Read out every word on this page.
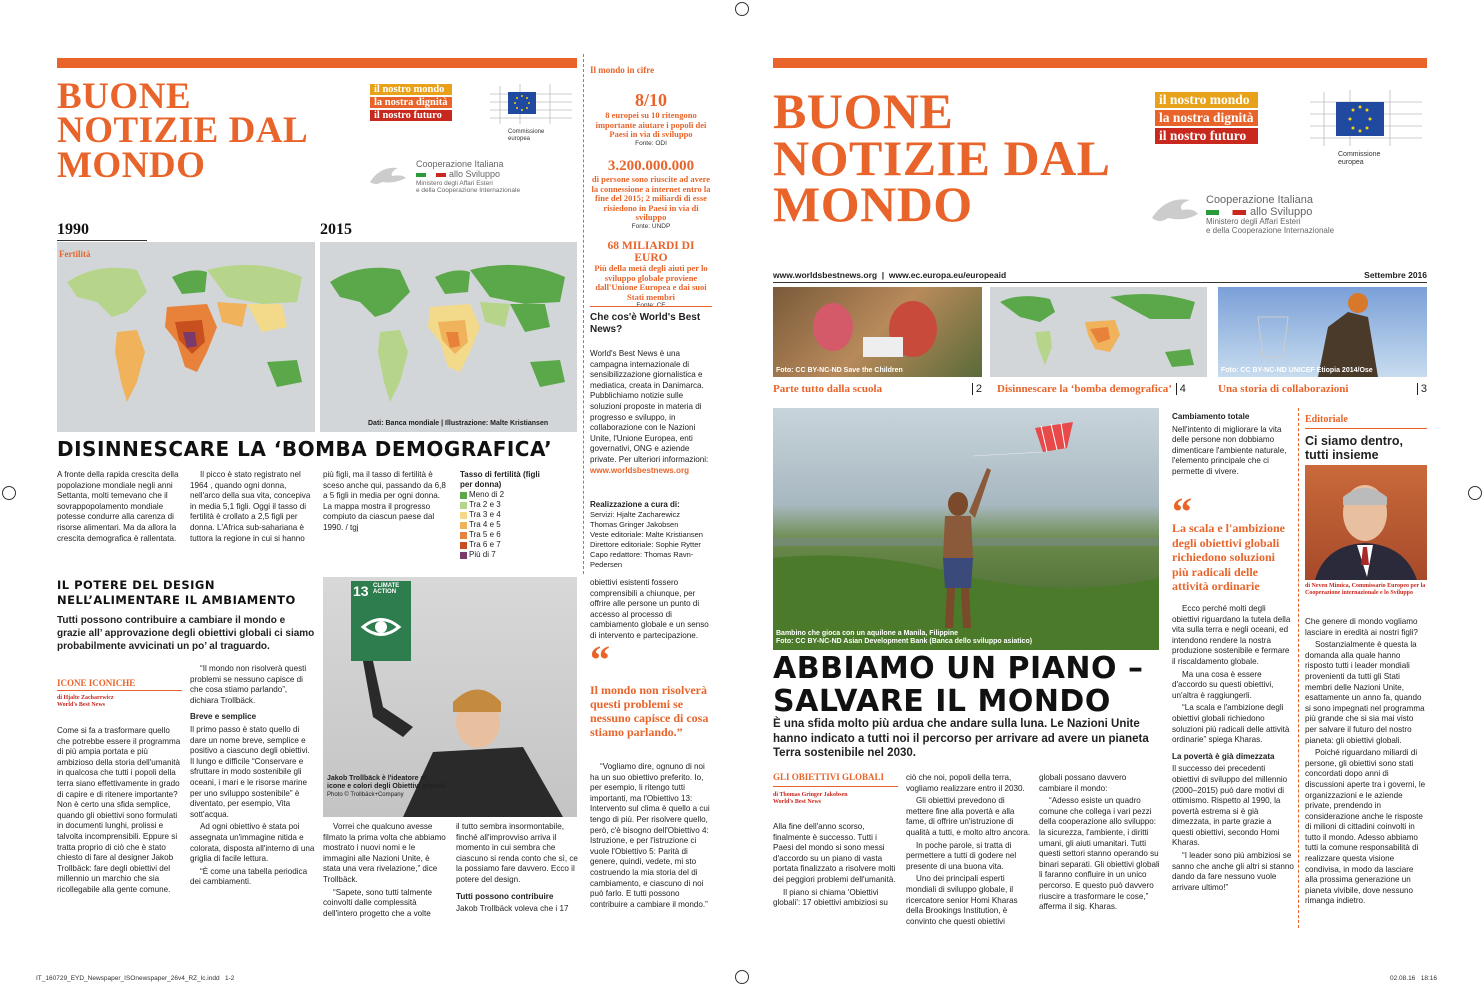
BUONE
NOTIZIE DAL
MONDO
il nostro mondo
la nostra dignità
il nostro futuro
Commissione europea
Cooperazione Italiana
allo Sviluppo
Ministero degli Affari Esteri
e della Cooperazione Internazionale
1990	2015
Fertilità
Dati: Banca mondiale | Illustrazione: Malte Kristiansen
DISINNESCARE LA ‘BOMBA DEMOGRAFICA’
A fronte della rapida crescita della popolazione mondiale negli anni Settanta, molti temevano che il sovrappopolamento mondiale potesse condurre alla carenza di risorse alimentari. Ma da allora la crescita demografica è rallentata.
Il picco è stato registrato nel 1964 , quando ogni donna, nell'arco della sua vita, concepiva in media 5,1 figli. Oggi il tasso di fertilità è crollato a 2,5 figli per donna. L'Africa sub-sahariana è tuttora la regione in cui si hanno
più figli, ma il tasso di fertilità è sceso anche qui, passando da 6,8 a 5 figli in media per ogni donna. La mappa mostra il progresso compiuto da ciascun paese dal 1990. / tgj
Tasso di fertilità (figli per donna)
Meno di 2
Tra 2 e 3
Tra 3 e 4
Tra 4 e 5
Tra 5 e 6
Tra 6 e 7
Più di 7
IL POTERE DEL DESIGN NELL’ALIMENTARE IL AMBIAMENTO
Tutti possono contribuire a cambiare il mondo e grazie all’ approvazione degli obiettivi globali ci siamo probabilmente avvicinati un po’ al traguardo.
ICONE ICONICHE
di Hjalte Zacharewicz
World's Best News
Come si fa a trasformare quello che potrebbe essere il programma di più ampia portata e più ambizioso della storia dell'umanità in qualcosa che tutti i popoli della terra siano effettivamente in grado di capire e di ritenere importante? Non è certo una sfida semplice, quando gli obiettivi sono formulati in documenti lunghi, prolissi e talvolta incomprensibili. Eppure si tratta proprio di ciò che è stato chiesto di fare al designer Jakob Trollbäck: fare degli obiettivi del millennio un marchio che sia ricollegabile alla gente comune.

“Il mondo non risolverà questi problemi se nessuno capisce di che cosa stiamo parlando”, dichiara Trollbäck.

Breve e semplice

Il primo passo è stato quello di dare un nome breve, semplice e positivo a ciascuno degli obiettivi. Il lungo e difficile “Conservare e sfruttare in modo sostenibile gli oceani, i mari e le risorse marine per uno sviluppo sostenibile” è diventato, per esempio, Vita sott'acqua.

Ad ogni obiettivo è stata poi assegnata un'immagine nitida e colorata, disposta all'interno di una griglia di facile lettura.

“È come una tabella periodica dei cambiamenti.

13 CLIMATE ACTION
Jakob Trollbäck è l'ideatore di icone e colori degli Obiettivi globali
Photo © Trollbäck+Company

Vorrei che qualcuno avesse filmato la prima volta che abbiamo mostrato i nuovi nomi e le immagini alle Nazioni Unite, è stata una vera rivelazione,” dice Trollbäck.

“Sapete, sono tutti talmente coinvolti dalle complessità dell'intero progetto che a volte

il tutto sembra insormontabile, finché all'improvviso arriva il momento in cui sembra che ciascuno si renda conto che sì, ce la possiamo fare davvero. Ecco il potere del design.

Tutti possono contribuire

Jakob Trollbäck voleva che i 17

obiettivi esistenti fossero comprensibili a chiunque, per offrire alle persone un punto di accesso al processo di cambiamento globale e un senso di intervento e partecipazione.

“
Il mondo non risolverà questi problemi se nessuno capisce di cosa stiamo parlando.”
“Vogliamo dire, ognuno di noi ha un suo obiettivo preferito. Io, per esempio, li ritengo tutti importanti, ma l'Obiettivo 13: Intervento sul clima è quello a cui tengo di più. Per risolvere quello, però, c'è bisogno dell'Obiettivo 4: Istruzione, e per l'istruzione ci vuole l'Obiettivo 5: Parità di genere, quindi, vedete, mi sto costruendo la mia storia del di cambiamento, e ciascuno di noi può farlo. E tutti possono contribuire a cambiare il mondo.”
Il mondo in cifre
8/10
8 europei su 10 ritengono importante aiutare i popoli dei Paesi in via di sviluppo
Fonte: ODI
3.200.000.000
di persone sono riuscite ad avere la connessione a internet entro la fine del 2015; 2 miliardi di esse risiedono in Paesi in via di sviluppo
Fonte: UNDP
68 MILIARDI DI EURO
Più della metà degli aiuti per lo sviluppo globale proviene dall'Unione Europea e dai suoi Stati membri
Che cos'è World's Best News?
World's Best News è una campagna internazionale di sensibilizzazione giornalistica e mediatica, creata in Danimarca. Pubblichiamo notizie sulle soluzioni proposte in materia di progresso e sviluppo, in collaborazione con le Nazioni Unite, l'Unione Europea, enti governativi, ONG e aziende private. Per ulteriori informazioni:
www.worldsbestnews.org
Realizzazione a cura di:
Servizi: Hjalte Zacharewicz
Thomas Gringer Jakobsen
Veste editoriale: Malte Kristiansen
Direttore editoriale: Sophie Rytter
Capo redattore: Thomas Ravn-Pedersen
BUONE
NOTIZIE DAL
MONDO
il nostro mondo
la nostra dignità
il nostro futuro
Commissione europea
Cooperazione Italiana
allo Sviluppo
Ministero degli Affari Esteri
e della Cooperazione Internazionale
www.worldsbestnews.org  |  www.ec.europa.eu/europeaid	Settembre 2016
Foto: CC BY-NC-ND Save the Children	Foto: CC BY-NC-ND UNICEF Etiopia 2014/Ose
Parte tutto dalla scuola	2 Disinnescare la ‘bomba demografica’ 4	Una storia di collaborazioni	3
Bambino che gioca con un aquilone a Manila, Filippine
Foto: CC BY-NC-ND Asian Development Bank (Banca dello sviluppo asiatico)
ABBIAMO UN PIANO –
SALVARE IL MONDO
È una sfida molto più ardua che andare sulla luna. Le Nazioni Unite hanno indicato a tutti noi il percorso per arrivare ad avere un pianeta Terra sostenibile nel 2030.
GLI OBIETTIVI GLOBALI
di Thomas Gringer Jakobsen
World's Best News

Alla fine dell'anno scorso, finalmente è successo. Tutti i Paesi del mondo si sono messi d'accordo su un piano di vasta portata finalizzato a risolvere molti dei peggiori problemi dell'umanità.

Il piano si chiama 'Obiettivi globali': 17 obiettivi ambiziosi su

ciò che noi, popoli della terra, vogliamo realizzare entro il 2030.

Gli obiettivi prevedono di mettere fine alla povertà e alla fame, di offrire un'istruzione di qualità a tutti, e molto altro ancora.

In poche parole, si tratta di permettere a tutti di godere nel presente di una buona vita.

Uno dei principali esperti mondiali di sviluppo globale, il ricercatore senior Homi Kharas della Brookings Institution, è convinto che questi obiettivi

globali possano davvero cambiare il mondo:

“Adesso esiste un quadro comune che collega i vari pezzi della cooperazione allo sviluppo: la sicurezza, l'ambiente, i diritti umani, gli aiuti umanitari. Tutti questi settori stanno operando su binari separati. Gli obiettivi globali li faranno confluire in un unico percorso. E questo può davvero riuscire a trasformare le cose,” afferma il sig. Kharas.

Cambiamento totale

Nell'intento di migliorare la vita delle persone non dobbiamo dimenticare l'ambiente naturale, l'elemento principale che ci permette di vivere.

“
La scala e l'ambizione degli obiettivi globali richiedono soluzioni più radicali delle attività ordinarie

Ecco perché molti degli obiettivi riguardano la tutela della vita sulla terra e negli oceani, ed intendono rendere la nostra produzione sostenibile e fermare il riscaldamento globale.

Ma una cosa è essere d'accordo su questi obiettivi, un'altra è raggiungerli.

“La scala e l'ambizione degli obiettivi globali richiedono soluzioni più radicali delle attività ordinarie” spiega Kharas.

La povertà è già dimezzata

Il successo dei precedenti obiettivi di sviluppo del millennio (2000–2015) può dare motivi di ottimismo. Rispetto al 1990, la povertà estrema si è già dimezzata, in parte grazie a questi obiettivi, secondo Homi Kharas.

“I leader sono più ambiziosi se sanno che anche gli altri si stanno dando da fare nessuno vuole arrivare ultimo!”

Editoriale
Ci siamo dentro, tutti insieme
di Neven Mimica, Commissario Europeo per la Cooperazione internazionale e lo Sviluppo

Che genere di mondo vogliamo lasciare in eredità ai nostri figli?

Sostanzialmente è questa la domanda alla quale hanno risposto tutti i leader mondiali provenienti da tutti gli Stati membri delle Nazioni Unite, esattamente un anno fa, quando si sono impegnati nel programma più grande che si sia mai visto per salvare il futuro del nostro pianeta: gli obiettivi globali.

Poiché riguardano miliardi di persone, gli obiettivi sono stati concordati dopo anni di discussioni aperte tra i governi, le organizzazioni e le aziende private, prendendo in considerazione anche le risposte di milioni di cittadini coinvolti in tutto il mondo. Adesso abbiamo tutti la comune responsabilità di realizzare questa visione condivisa, in modo da lasciare alla prossima generazione un pianeta vivibile, dove nessuno rimanga indietro.

IT_160729_EYD_Newspaper_ISOnewspaper_26v4_RZ_lc.indd   1-2	02.08.16   18:16
